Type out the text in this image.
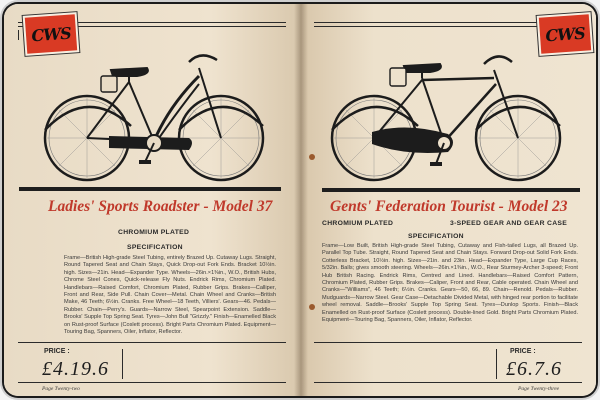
CWS
Ladies' Sports Roadster - Model 37
CHROMIUM PLATED
SPECIFICATION
Frame—British High-grade Steel Tubing, entirely Brazed Up. Cutaway Lugs. Straight, Round Tapered Seat and Chain Stays, Quick Drop-out Fork Ends. Bracket 10½in. high. Sizes—21in. Head—Expander Type. Wheels—26in.×1⅜in., W.O., British Hubs, Chrome Steel Cones, Quick-release Fly Nuts. Endrick Rims, Chromium Plated. Handlebars—Raised Comfort, Chromium Plated, Rubber Grips. Brakes—Calliper, Front and Rear, Side Pull. Chain Cover—Metal. Chain Wheel and Cranks—British Make, 46 Teeth; 6½in. Cranks. Free Wheel—18 Teeth, Villiers'. Gears—46. Pedals—Rubber. Chain—Perry's. Guards—Narrow Steel, Spearpoint Extension. Saddle—Brooks' Supple Top Spring Seat. Tyres—John Bull "Grizzly." Finish—Enamelled Black on Rust-proof Surface (Coslett process). Bright Parts Chromium Plated. Equipment—Touring Bag, Spanners, Oiler, Inflator, Reflector.
PRICE :
£4.19.6
Page Twenty-two
CWS
Gents' Federation Tourist - Model 23
CHROMIUM PLATED	3-SPEED GEAR AND GEAR CASE
SPECIFICATION
Frame—Low Built, British High-grade Steel Tubing, Cutaway and Fish-tailed Lugs, all Brazed Up. Parallel Top Tube. Straight, Round Tapered Seat and Chain Stays. Forward Drop-out Solid Fork Ends. Cotterless Bracket, 10½in. high. Sizes—21in. and 23in. Head—Expander Type, Large Cup Races, 5/32in. Balls; gives smooth steering. Wheels—26in.×1⅜in., W.O., Rear Sturmey-Archer 3-speed; Front Hub British Racing. Endrick Rims, Centred and Lined. Handlebars—Raised Comfort Pattern, Chromium Plated, Rubber Grips. Brakes—Caliper, Front and Rear, Cable operated. Chain Wheel and Cranks—"Williams", 46 Teeth; 6½in. Cranks. Gears—50, 66, 89. Chain—Renold. Pedals—Rubber. Mudguards—Narrow Steel. Gear Case—Detachable Divided Metal, with hinged rear portion to facilitate wheel removal. Saddle—Brooks' Supple Top Spring Seat. Tyres—Dunlop Sports. Finish—Black Enamelled on Rust-proof Surface (Coslett process). Double-lined Gold. Bright Parts Chromium Plated. Equipment—Touring Bag, Spanners, Oiler, Inflator, Reflector.
PRICE :
£6.7.6
Page Twenty-three
